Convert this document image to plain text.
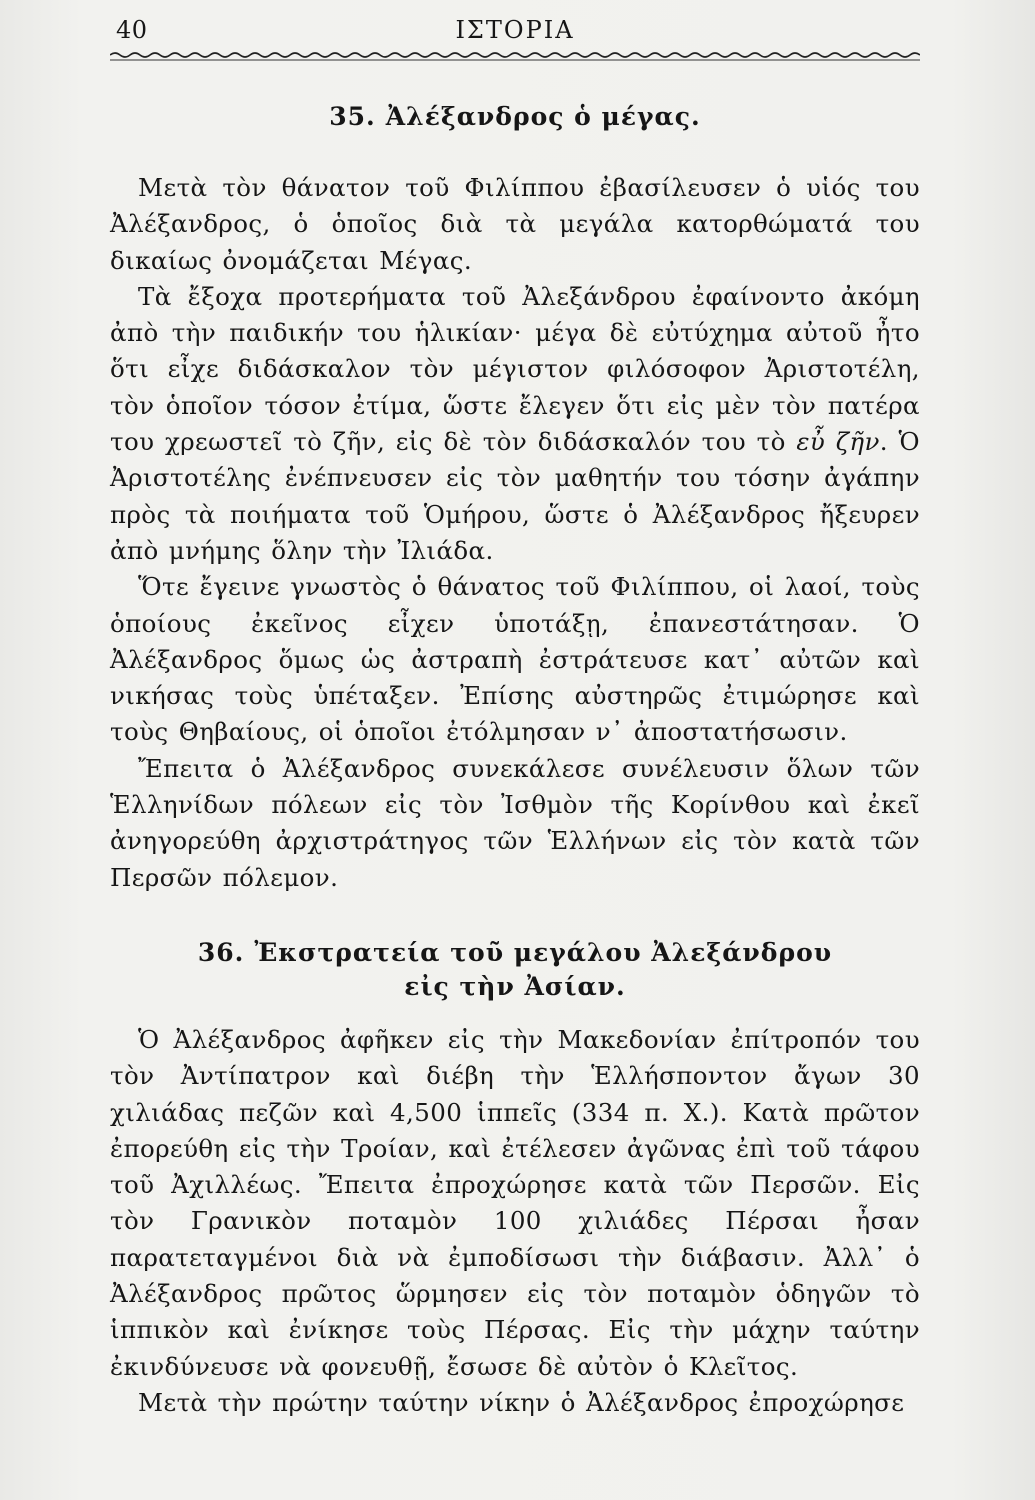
40	ΙΣΤΟΡΙΑ
35. Ἀλέξανδρος ὁ μέγας.

Μετὰ τὸν θάνατον τοῦ Φιλίππου ἐβασίλευσεν ὁ υἱός του Ἀλέξανδρος, ὁ ὁποῖος διὰ τὰ μεγάλα κατορθώματά του δικαίως ὀνομάζεται Μέγας.

Τὰ ἔξοχα προτερήματα τοῦ Ἀλεξάνδρου ἐφαίνοντο ἀκόμη ἀπὸ τὴν παιδικήν του ἡλικίαν· μέγα δὲ εὐτύχημα αὐτοῦ ἦτο ὅτι εἶχε διδάσκαλον τὸν μέγιστον φιλόσοφον Ἀριστοτέλη, τὸν ὁποῖον τόσον ἐτίμα, ὥστε ἔλεγεν ὅτι εἰς μὲν τὸν πατέρα του χρεωστεῖ τὸ ζῆν, εἰς δὲ τὸν διδάσκαλόν του τὸ εὖ ζῆν. Ὁ Ἀριστοτέλης ἐνέπνευσεν εἰς τὸν μαθητήν του τόσην ἀγάπην πρὸς τὰ ποιήματα τοῦ Ὁμήρου, ὥστε ὁ Ἀλέξανδρος ἤξευρεν ἀπὸ μνήμης ὅλην τὴν Ἰλιάδα.

Ὅτε ἔγεινε γνωστὸς ὁ θάνατος τοῦ Φιλίππου, οἱ λαοί, τοὺς ὁποίους ἐκεῖνος εἶχεν ὑποτάξῃ, ἐπανεστάτησαν. Ὁ Ἀλέξανδρος ὅμως ὡς ἀστραπὴ ἐστράτευσε κατ᾽ αὐτῶν καὶ νικήσας τοὺς ὑπέταξεν. Ἐπίσης αὐστηρῶς ἐτιμώρησε καὶ τοὺς Θηβαίους, οἱ ὁποῖοι ἐτόλμησαν ν᾽ ἀποστατήσωσιν.

Ἔπειτα ὁ Ἀλέξανδρος συνεκάλεσε συνέλευσιν ὅλων τῶν Ἑλληνίδων πόλεων εἰς τὸν Ἰσθμὸν τῆς Κορίνθου καὶ ἐκεῖ ἀνηγορεύθη ἀρχιστράτηγος τῶν Ἑλλήνων εἰς τὸν κατὰ τῶν Περσῶν πόλεμον.

36. Ἐκστρατεία τοῦ μεγάλου Ἀλεξάνδρου
εἰς τὴν Ἀσίαν.

Ὁ Ἀλέξανδρος ἀφῆκεν εἰς τὴν Μακεδονίαν ἐπίτροπόν του τὸν Ἀντίπατρον καὶ διέβη τὴν Ἑλλήσποντον ἄγων 30 χιλιάδας πεζῶν καὶ 4,500 ἱππεῖς (334 π. Χ.). Κατὰ πρῶτον ἐπορεύθη εἰς τὴν Τροίαν, καὶ ἐτέλεσεν ἀγῶνας ἐπὶ τοῦ τάφου τοῦ Ἀχιλλέως. Ἔπειτα ἐπροχώρησε κατὰ τῶν Περσῶν. Εἰς τὸν Γρανικὸν ποταμὸν 100 χιλιάδες Πέρσαι ἦσαν παρατεταγμένοι διὰ νὰ ἐμποδίσωσι τὴν διάβασιν. Ἀλλ᾽ ὁ Ἀλέξανδρος πρῶτος ὥρμησεν εἰς τὸν ποταμὸν ὁδηγῶν τὸ ἱππικὸν καὶ ἐνίκησε τοὺς Πέρσας. Εἰς τὴν μάχην ταύτην ἐκινδύνευσε νὰ φονευθῇ, ἔσωσε δὲ αὐτὸν ὁ Κλεῖτος.

Μετὰ τὴν πρώτην ταύτην νίκην ὁ Ἀλέξανδρος ἐπροχώρησε
